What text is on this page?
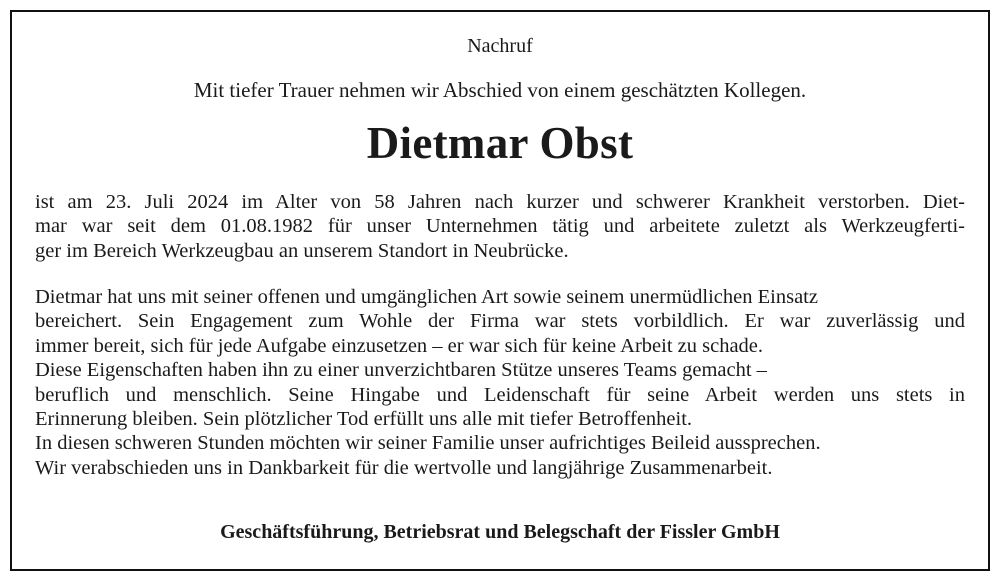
Nachruf
Mit tiefer Trauer nehmen wir Abschied von einem geschätzten Kollegen.
Dietmar Obst
ist am 23. Juli 2024 im Alter von 58 Jahren nach kurzer und schwerer Krankheit verstorben. Diet-
mar war seit dem 01.08.1982 für unser Unternehmen tätig und arbeitete zuletzt als Werkzeugferti-
ger im Bereich Werkzeugbau an unserem Standort in Neubrücke.
Dietmar hat uns mit seiner offenen und umgänglichen Art sowie seinem unermüdlichen Einsatz
bereichert. Sein Engagement zum Wohle der Firma war stets vorbildlich. Er war zuverlässig und
immer bereit, sich für jede Aufgabe einzusetzen – er war sich für keine Arbeit zu schade.
Diese Eigenschaften haben ihn zu einer unverzichtbaren Stütze unseres Teams gemacht –
beruflich und menschlich. Seine Hingabe und Leidenschaft für seine Arbeit werden uns stets in
Erinnerung bleiben. Sein plötzlicher Tod erfüllt uns alle mit tiefer Betroffenheit.
In diesen schweren Stunden möchten wir seiner Familie unser aufrichtiges Beileid aussprechen.
Wir verabschieden uns in Dankbarkeit für die wertvolle und langjährige Zusammenarbeit.
Geschäftsführung, Betriebsrat und Belegschaft der Fissler GmbH
